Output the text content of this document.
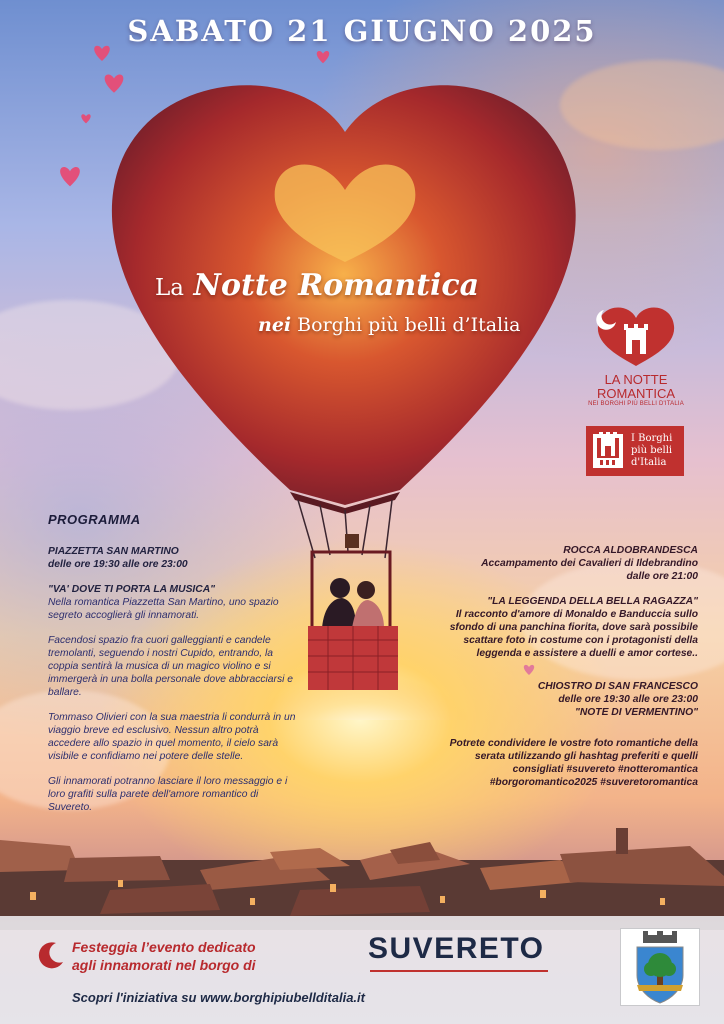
SABATO 21 GIUGNO 2025
La Notte Romantica
nei Borghi più belli d’Italia
LA NOTTE
ROMANTICA
NEI BORGHI PIÙ BELLI D'ITALIA
I Borghi
più belli
d'Italia
PROGRAMMA

PIAZZETTA SAN MARTINO
delle ore 19:30 alle ore 23:00

"VA' DOVE TI PORTA LA MUSICA"
Nella romantica Piazzetta San Martino, uno spazio segreto accoglierà gli innamorati.

Facendosi spazio fra cuori galleggianti e candele tremolanti, seguendo i nostri Cupido, entrando, la coppia sentirà la musica di un magico violino e si immergerà in una bolla personale dove abbracciarsi e ballare.

Tommaso Olivieri con la sua maestria li condurrà in un viaggio breve ed esclusivo. Nessun altro potrà accedere allo spazio in quel momento, il cielo sarà visibile e confidiamo nei potere delle stelle.

Gli innamorati potranno lasciare il loro messaggio e i loro grafiti sulla parete dell'amore romantico di Suvereto.

ROCCA ALDOBRANDESCA
Accampamento dei Cavalieri di Ildebrandino
dalle ore 21:00

"LA LEGGENDA DELLA BELLA RAGAZZA"
Il racconto d'amore di Monaldo e Banduccia sullo sfondo di una panchina fiorita, dove sarà possibile scattare foto in costume con i protagonisti della leggenda e assistere a duelli e amor cortese..

CHIOSTRO DI SAN FRANCESCO
delle ore 19:30 alle ore 23:00
"NOTE DI VERMENTINO"

Potrete condividere le vostre foto romantiche della serata utilizzando gli hashtag preferiti e quelli consigliati #suvereto #notteromantica #borgoromantico2025 #suveretoromantica

Festeggia l’evento dedicato
agli innamorati nel borgo di	SUVERETO
Scopri l'iniziativa su www.borghipiubellditalia.it
